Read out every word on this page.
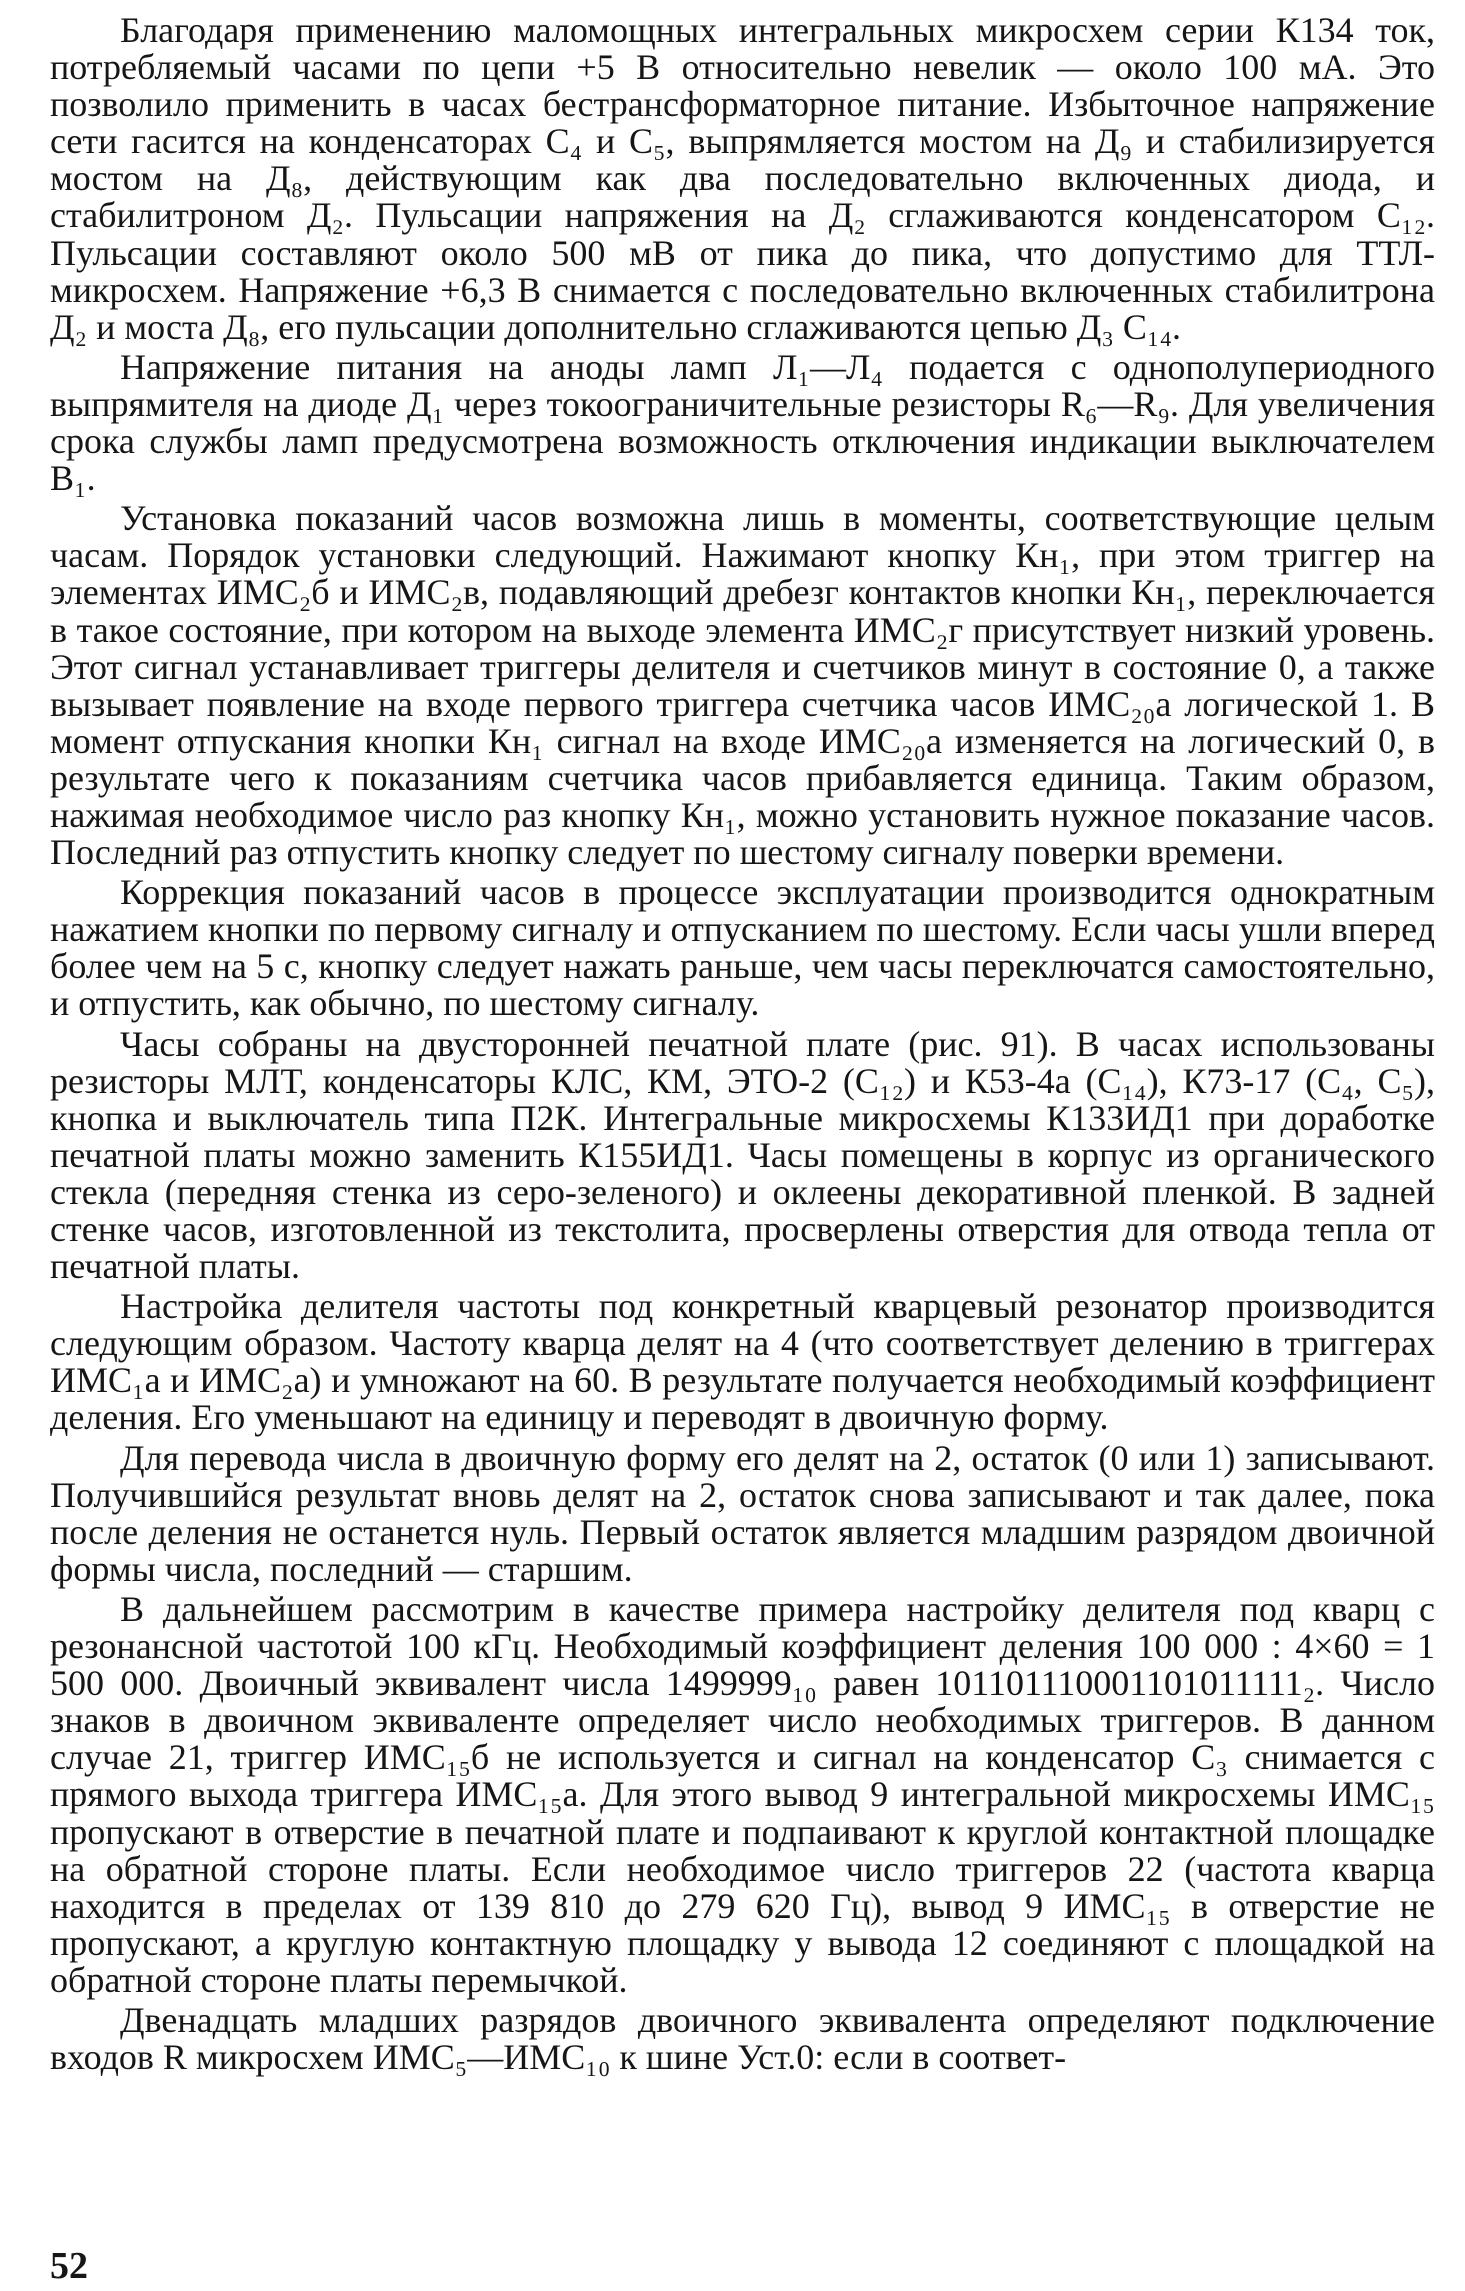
Благодаря применению маломощных интегральных микросхем серии К134 ток, потребляемый часами по цепи +5 В относительно невелик — около 100 мА. Это позволило применить в часах бестрансформаторное питание. Избыточное напряжение сети гасится на конденсаторах С₄ и С₅, выпрямляется мостом на Д₉ и стабилизируется мостом на Д₈, действующим как два последовательно включенных диода, и стабилитроном Д₂. Пульсации напряжения на Д₂ сглаживаются конденсатором С₁₂. Пульсации составляют около 500 мВ от пика до пика, что допустимо для ТТЛ-микросхем. Напряжение +6,3 В снимается с последовательно включенных стабилитрона Д₂ и моста Д₈, его пульсации дополнительно сглаживаются цепью Д₃ С₁₄.

Напряжение питания на аноды ламп Л₁—Л₄ подается с однополупериодного выпрямителя на диоде Д₁ через токоограничительные резисторы R₆—R₉. Для увеличения срока службы ламп предусмотрена возможность отключения индикации выключателем В₁.

Установка показаний часов возможна лишь в моменты, соответствующие целым часам. Порядок установки следующий. Нажимают кнопку Кн₁, при этом триггер на элементах ИМС₂б и ИМС₂в, подавляющий дребезг контактов кнопки Кн₁, переключается в такое состояние, при котором на выходе элемента ИМС₂г присутствует низкий уровень. Этот сигнал устанавливает триггеры делителя и счетчиков минут в состояние 0, а также вызывает появление на входе первого триггера счетчика часов ИМС₂₀а логической 1. В момент отпускания кнопки Кн₁ сигнал на входе ИМС₂₀а изменяется на логический 0, в результате чего к показаниям счетчика часов прибавляется единица. Таким образом, нажимая необходимое число раз кнопку Кн₁, можно установить нужное показание часов. Последний раз отпустить кнопку следует по шестому сигналу поверки времени.

Коррекция показаний часов в процессе эксплуатации производится однократным нажатием кнопки по первому сигналу и отпусканием по шестому. Если часы ушли вперед более чем на 5 с, кнопку следует нажать раньше, чем часы переключатся самостоятельно, и отпустить, как обычно, по шестому сигналу.

Часы собраны на двусторонней печатной плате (рис. 91). В часах использованы резисторы МЛТ, конденсаторы КЛС, КМ, ЭТО-2 (С₁₂) и К53-4а (С₁₄), К73-17 (С₄, С₅), кнопка и выключатель типа П2К. Интегральные микросхемы К133ИД1 при доработке печатной платы можно заменить К155ИД1. Часы помещены в корпус из органического стекла (передняя стенка из серо-зеленого) и оклеены декоративной пленкой. В задней стенке часов, изготовленной из текстолита, просверлены отверстия для отвода тепла от печатной платы.

Настройка делителя частоты под конкретный кварцевый резонатор производится следующим образом. Частоту кварца делят на 4 (что соответствует делению в триггерах ИМС₁а и ИМС₂а) и умножают на 60. В результате получается необходимый коэффициент деления. Его уменьшают на единицу и переводят в двоичную форму.

Для перевода числа в двоичную форму его делят на 2, остаток (0 или 1) записывают. Получившийся результат вновь делят на 2, остаток снова записывают и так далее, пока после деления не останется нуль. Первый остаток является младшим разрядом двоичной формы числа, последний — старшим.

В дальнейшем рассмотрим в качестве примера настройку делителя под кварц с резонансной частотой 100 кГц. Необходимый коэффициент деления 100 000 : 4×60 = 1 500 000. Двоичный эквивалент числа 1499999₁₀ равен 101101110001101011111₂. Число знаков в двоичном эквиваленте определяет число необходимых триггеров. В данном случае 21, триггер ИМС₁₅б не используется и сигнал на конденсатор С₃ снимается с прямого выхода триггера ИМС₁₅а. Для этого вывод 9 интегральной микросхемы ИМС₁₅ пропускают в отверстие в печатной плате и подпаивают к круглой контактной площадке на обратной стороне платы. Если необходимое число триггеров 22 (частота кварца находится в пределах от 139 810 до 279 620 Гц), вывод 9 ИМС₁₅ в отверстие не пропускают, а круглую контактную площадку у вывода 12 соединяют с площадкой на обратной стороне платы перемычкой.

Двенадцать младших разрядов двоичного эквивалента определяют подключение входов R микросхем ИМС₅—ИМС₁₀ к шине Уст.0: если в соответ-

52
